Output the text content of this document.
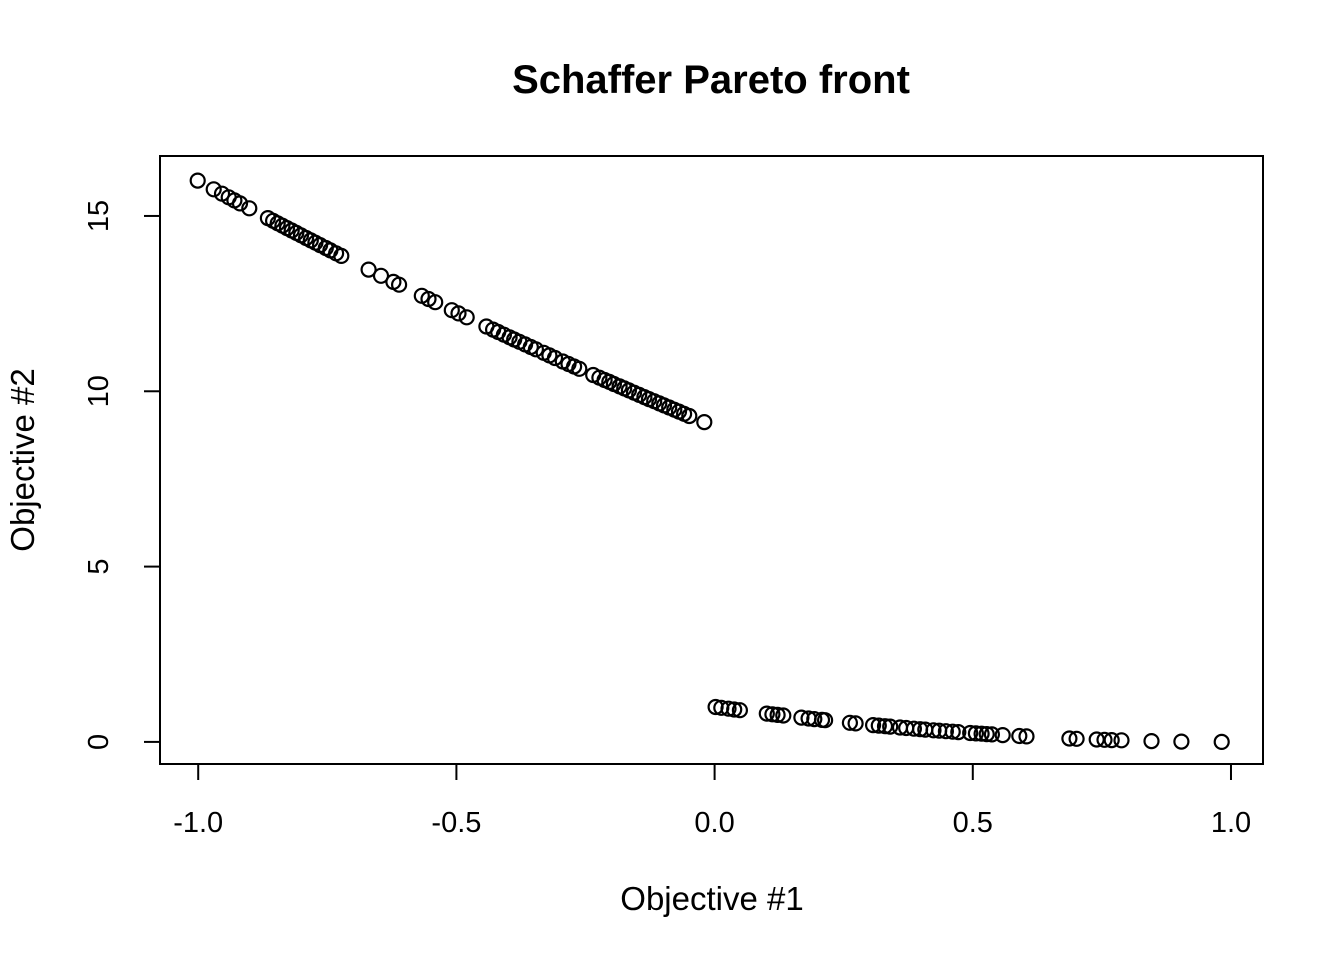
Schaffer Pareto front
Objective #1
Objective #2
-1.0	-0.5	0.0	0.5	1.0
0
5
10
15
